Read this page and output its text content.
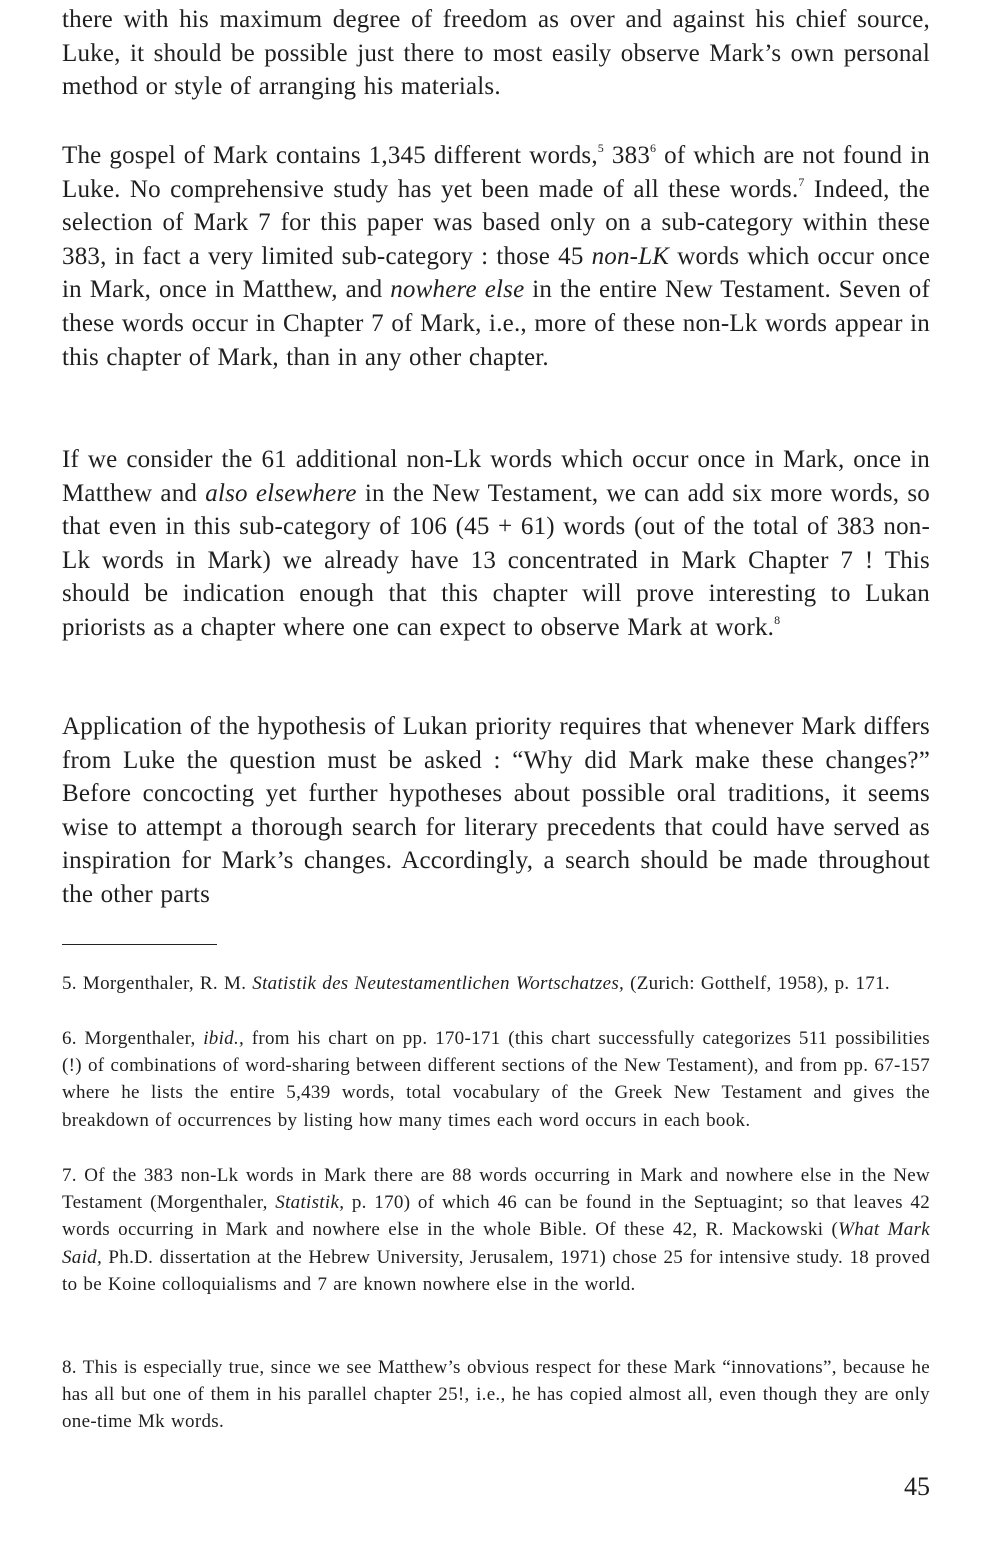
there with his maximum degree of freedom as over and against his chief source, Luke, it should be possible just there to most easily observe Mark’s own personal method or style of arranging his materials.
The gospel of Mark contains 1,345 different words,$^5$ $383^6$ of which are not found in Luke. No comprehensive study has yet been made of all these words.$^7$ Indeed, the selection of Mark 7 for this paper was based only on a sub-category within these 383, in fact a very limited sub-category : those 45 non-LK words which occur once in Mark, once in Matthew, and nowhere else in the entire New Testament. Seven of these words occur in Chapter 7 of Mark, i.e., more of these non-Lk words appear in this chapter of Mark, than in any other chapter.
If we consider the 61 additional non-Lk words which occur once in Mark, once in Matthew and also elsewhere in the New Testament, we can add six more words, so that even in this sub-category of 106 (45 + 61) words (out of the total of 383 non-Lk words in Mark) we already have 13 concentrated in Mark Chapter 7 ! This should be indication enough that this chapter will prove interesting to Lukan priorists as a chapter where one can expect to observe Mark at work.$^8$
Application of the hypothesis of Lukan priority requires that whenever Mark differs from Luke the question must be asked : “Why did Mark make these changes?” Before concocting yet further hypotheses about possible oral traditions, it seems wise to attempt a thorough search for literary precedents that could have served as inspiration for Mark’s changes. Accordingly, a search should be made throughout the other parts
5. Morgenthaler, R. M. Statistik des Neutestamentlichen Wortschatzes, (Zurich: Gotthelf, 1958), p. 171.
6. Morgenthaler, ibid., from his chart on pp. 170-171 (this chart successfully categorizes 511 possibilities (!) of combinations of word-sharing between different sections of the New Testament), and from pp. 67-157 where he lists the entire 5,439 words, total vocabulary of the Greek New Testament and gives the breakdown of occurrences by listing how many times each word occurs in each book.
7. Of the 383 non-Lk words in Mark there are 88 words occurring in Mark and nowhere else in the New Testament (Morgenthaler, Statistik, p. 170) of which 46 can be found in the Septuagint; so that leaves 42 words occurring in Mark and nowhere else in the whole Bible. Of these 42, R. Mackowski (What Mark Said, Ph.D. dissertation at the Hebrew University, Jerusalem, 1971) chose 25 for intensive study. 18 proved to be Koine colloquialisms and 7 are known nowhere else in the world.
8. This is especially true, since we see Matthew’s obvious respect for these Mark “innovations”, because he has all but one of them in his parallel chapter 25!, i.e., he has copied almost all, even though they are only one-time Mk words.

45
